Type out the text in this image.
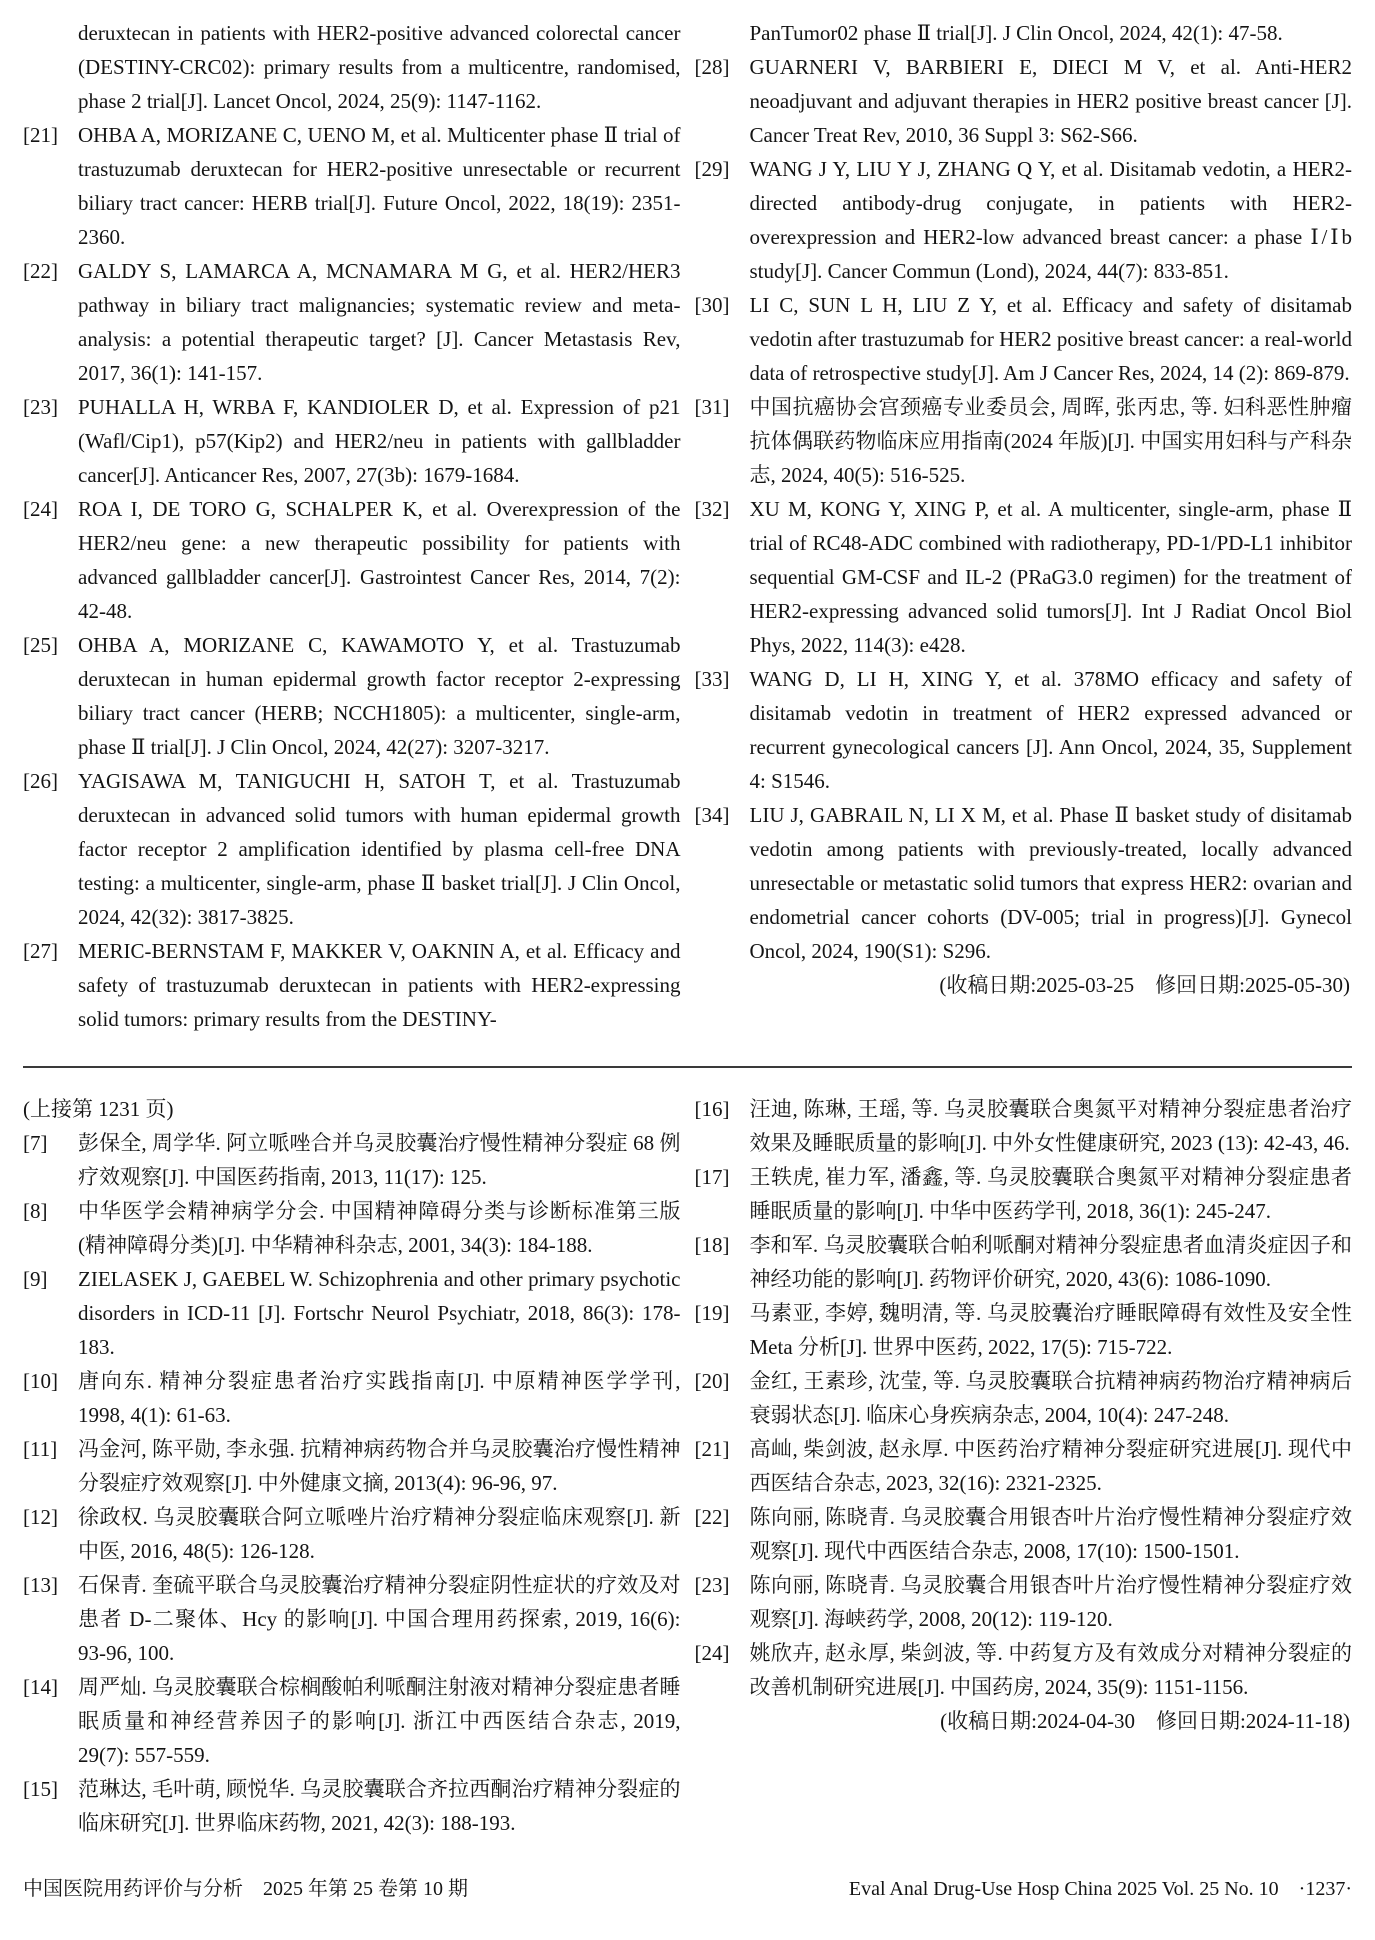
deruxtecan in patients with HER2-positive advanced colorectal cancer (DESTINY-CRC02): primary results from a multicentre, randomised, phase 2 trial[J]. Lancet Oncol, 2024, 25(9): 1147-1162.
[21] OHBA A, MORIZANE C, UENO M, et al. Multicenter phase Ⅱ trial of trastuzumab deruxtecan for HER2-positive unresectable or recurrent biliary tract cancer: HERB trial[J]. Future Oncol, 2022, 18(19): 2351-2360.
[22] GALDY S, LAMARCA A, MCNAMARA M G, et al. HER2/HER3 pathway in biliary tract malignancies; systematic review and meta-analysis: a potential therapeutic target? [J]. Cancer Metastasis Rev, 2017, 36(1): 141-157.
[23] PUHALLA H, WRBA F, KANDIOLER D, et al. Expression of p21 (Wafl/Cip1), p57(Kip2) and HER2/neu in patients with gallbladder cancer[J]. Anticancer Res, 2007, 27(3b): 1679-1684.
[24] ROA I, DE TORO G, SCHALPER K, et al. Overexpression of the HER2/neu gene: a new therapeutic possibility for patients with advanced gallbladder cancer[J]. Gastrointest Cancer Res, 2014, 7(2): 42-48.
[25] OHBA A, MORIZANE C, KAWAMOTO Y, et al. Trastuzumab deruxtecan in human epidermal growth factor receptor 2-expressing biliary tract cancer (HERB; NCCH1805): a multicenter, single-arm, phase Ⅱ trial[J]. J Clin Oncol, 2024, 42(27): 3207-3217.
[26] YAGISAWA M, TANIGUCHI H, SATOH T, et al. Trastuzumab deruxtecan in advanced solid tumors with human epidermal growth factor receptor 2 amplification identified by plasma cell-free DNA testing: a multicenter, single-arm, phase Ⅱ basket trial[J]. J Clin Oncol, 2024, 42(32): 3817-3825.
[27] MERIC-BERNSTAM F, MAKKER V, OAKNIN A, et al. Efficacy and safety of trastuzumab deruxtecan in patients with HER2-expressing solid tumors: primary results from the DESTINY-
PanTumor02 phase Ⅱ trial[J]. J Clin Oncol, 2024, 42(1): 47-58.
[28] GUARNERI V, BARBIERI E, DIECI M V, et al. Anti-HER2 neoadjuvant and adjuvant therapies in HER2 positive breast cancer [J]. Cancer Treat Rev, 2010, 36 Suppl 3: S62-S66.
[29] WANG J Y, LIU Y J, ZHANG Q Y, et al. Disitamab vedotin, a HER2-directed antibody-drug conjugate, in patients with HER2-overexpression and HER2-low advanced breast cancer: a phase Ⅰ/Ⅰb study[J]. Cancer Commun (Lond), 2024, 44(7): 833-851.
[30] LI C, SUN L H, LIU Z Y, et al. Efficacy and safety of disitamab vedotin after trastuzumab for HER2 positive breast cancer: a real-world data of retrospective study[J]. Am J Cancer Res, 2024, 14 (2): 869-879.
[31] 中国抗癌协会宫颈癌专业委员会, 周晖, 张丙忠, 等. 妇科恶性肿瘤抗体偶联药物临床应用指南(2024 年版)[J]. 中国实用妇科与产科杂志, 2024, 40(5): 516-525.
[32] XU M, KONG Y, XING P, et al. A multicenter, single-arm, phase Ⅱ trial of RC48-ADC combined with radiotherapy, PD-1/PD-L1 inhibitor sequential GM-CSF and IL-2 (PRaG3.0 regimen) for the treatment of HER2-expressing advanced solid tumors[J]. Int J Radiat Oncol Biol Phys, 2022, 114(3): e428.
[33] WANG D, LI H, XING Y, et al. 378MO efficacy and safety of disitamab vedotin in treatment of HER2 expressed advanced or recurrent gynecological cancers [J]. Ann Oncol, 2024, 35, Supplement 4: S1546.
[34] LIU J, GABRAIL N, LI X M, et al. Phase Ⅱ basket study of disitamab vedotin among patients with previously-treated, locally advanced unresectable or metastatic solid tumors that express HER2: ovarian and endometrial cancer cohorts (DV-005; trial in progress)[J]. Gynecol Oncol, 2024, 190(S1): S296.
(收稿日期:2025-03-25　修回日期:2025-05-30)
(上接第 1231 页)
[7]	彭保全, 周学华. 阿立哌唑合并乌灵胶囊治疗慢性精神分裂症 68 例疗效观察[J]. 中国医药指南, 2013, 11(17): 125.
[8]	中华医学会精神病学分会. 中国精神障碍分类与诊断标准第三版(精神障碍分类)[J]. 中华精神科杂志, 2001, 34(3): 184-188.
[9]	ZIELASEK J, GAEBEL W. Schizophrenia and other primary psychotic disorders in ICD-11 [J]. Fortschr Neurol Psychiatr, 2018, 86(3): 178-183.
[10] 唐向东. 精神分裂症患者治疗实践指南[J]. 中原精神医学学刊, 1998, 4(1): 61-63.
[11] 冯金河, 陈平勋, 李永强. 抗精神病药物合并乌灵胶囊治疗慢性精神分裂症疗效观察[J]. 中外健康文摘, 2013(4): 96-96, 97.
[12] 徐政权. 乌灵胶囊联合阿立哌唑片治疗精神分裂症临床观察[J]. 新中医, 2016, 48(5): 126-128.
[13] 石保青. 奎硫平联合乌灵胶囊治疗精神分裂症阴性症状的疗效及对患者 D-二聚体、Hcy 的影响[J]. 中国合理用药探索, 2019, 16(6): 93-96, 100.
[14] 周严灿. 乌灵胶囊联合棕榈酸帕利哌酮注射液对精神分裂症患者睡眠质量和神经营养因子的影响[J]. 浙江中西医结合杂志, 2019, 29(7): 557-559.
[15] 范琳达, 毛叶萌, 顾悦华. 乌灵胶囊联合齐拉西酮治疗精神分裂症的临床研究[J]. 世界临床药物, 2021, 42(3): 188-193.
[16] 汪迪, 陈琳, 王瑶, 等. 乌灵胶囊联合奥氮平对精神分裂症患者治疗效果及睡眠质量的影响[J]. 中外女性健康研究, 2023 (13): 42-43, 46.
[17] 王轶虎, 崔力军, 潘鑫, 等. 乌灵胶囊联合奥氮平对精神分裂症患者睡眠质量的影响[J]. 中华中医药学刊, 2018, 36(1): 245-247.
[18] 李和军. 乌灵胶囊联合帕利哌酮对精神分裂症患者血清炎症因子和神经功能的影响[J]. 药物评价研究, 2020, 43(6): 1086-1090.
[19] 马素亚, 李婷, 魏明清, 等. 乌灵胶囊治疗睡眠障碍有效性及安全性 Meta 分析[J]. 世界中医药, 2022, 17(5): 715-722.
[20] 金红, 王素珍, 沈莹, 等. 乌灵胶囊联合抗精神病药物治疗精神病后衰弱状态[J]. 临床心身疾病杂志, 2004, 10(4): 247-248.
[21] 高屾, 柴剑波, 赵永厚. 中医药治疗精神分裂症研究进展[J]. 现代中西医结合杂志, 2023, 32(16): 2321-2325.
[22] 陈向丽, 陈晓青. 乌灵胶囊合用银杏叶片治疗慢性精神分裂症疗效观察[J]. 现代中西医结合杂志, 2008, 17(10): 1500-1501.
[23] 陈向丽, 陈晓青. 乌灵胶囊合用银杏叶片治疗慢性精神分裂症疗效观察[J]. 海峡药学, 2008, 20(12): 119-120.
[24] 姚欣卉, 赵永厚, 柴剑波, 等. 中药复方及有效成分对精神分裂症的改善机制研究进展[J]. 中国药房, 2024, 35(9): 1151-1156.
(收稿日期:2024-04-30　修回日期:2024-11-18)
中国医院用药评价与分析　2025 年第 25 卷第 10 期	Eval Anal Drug-Use Hosp China 2025 Vol. 25 No. 10　·1237·
